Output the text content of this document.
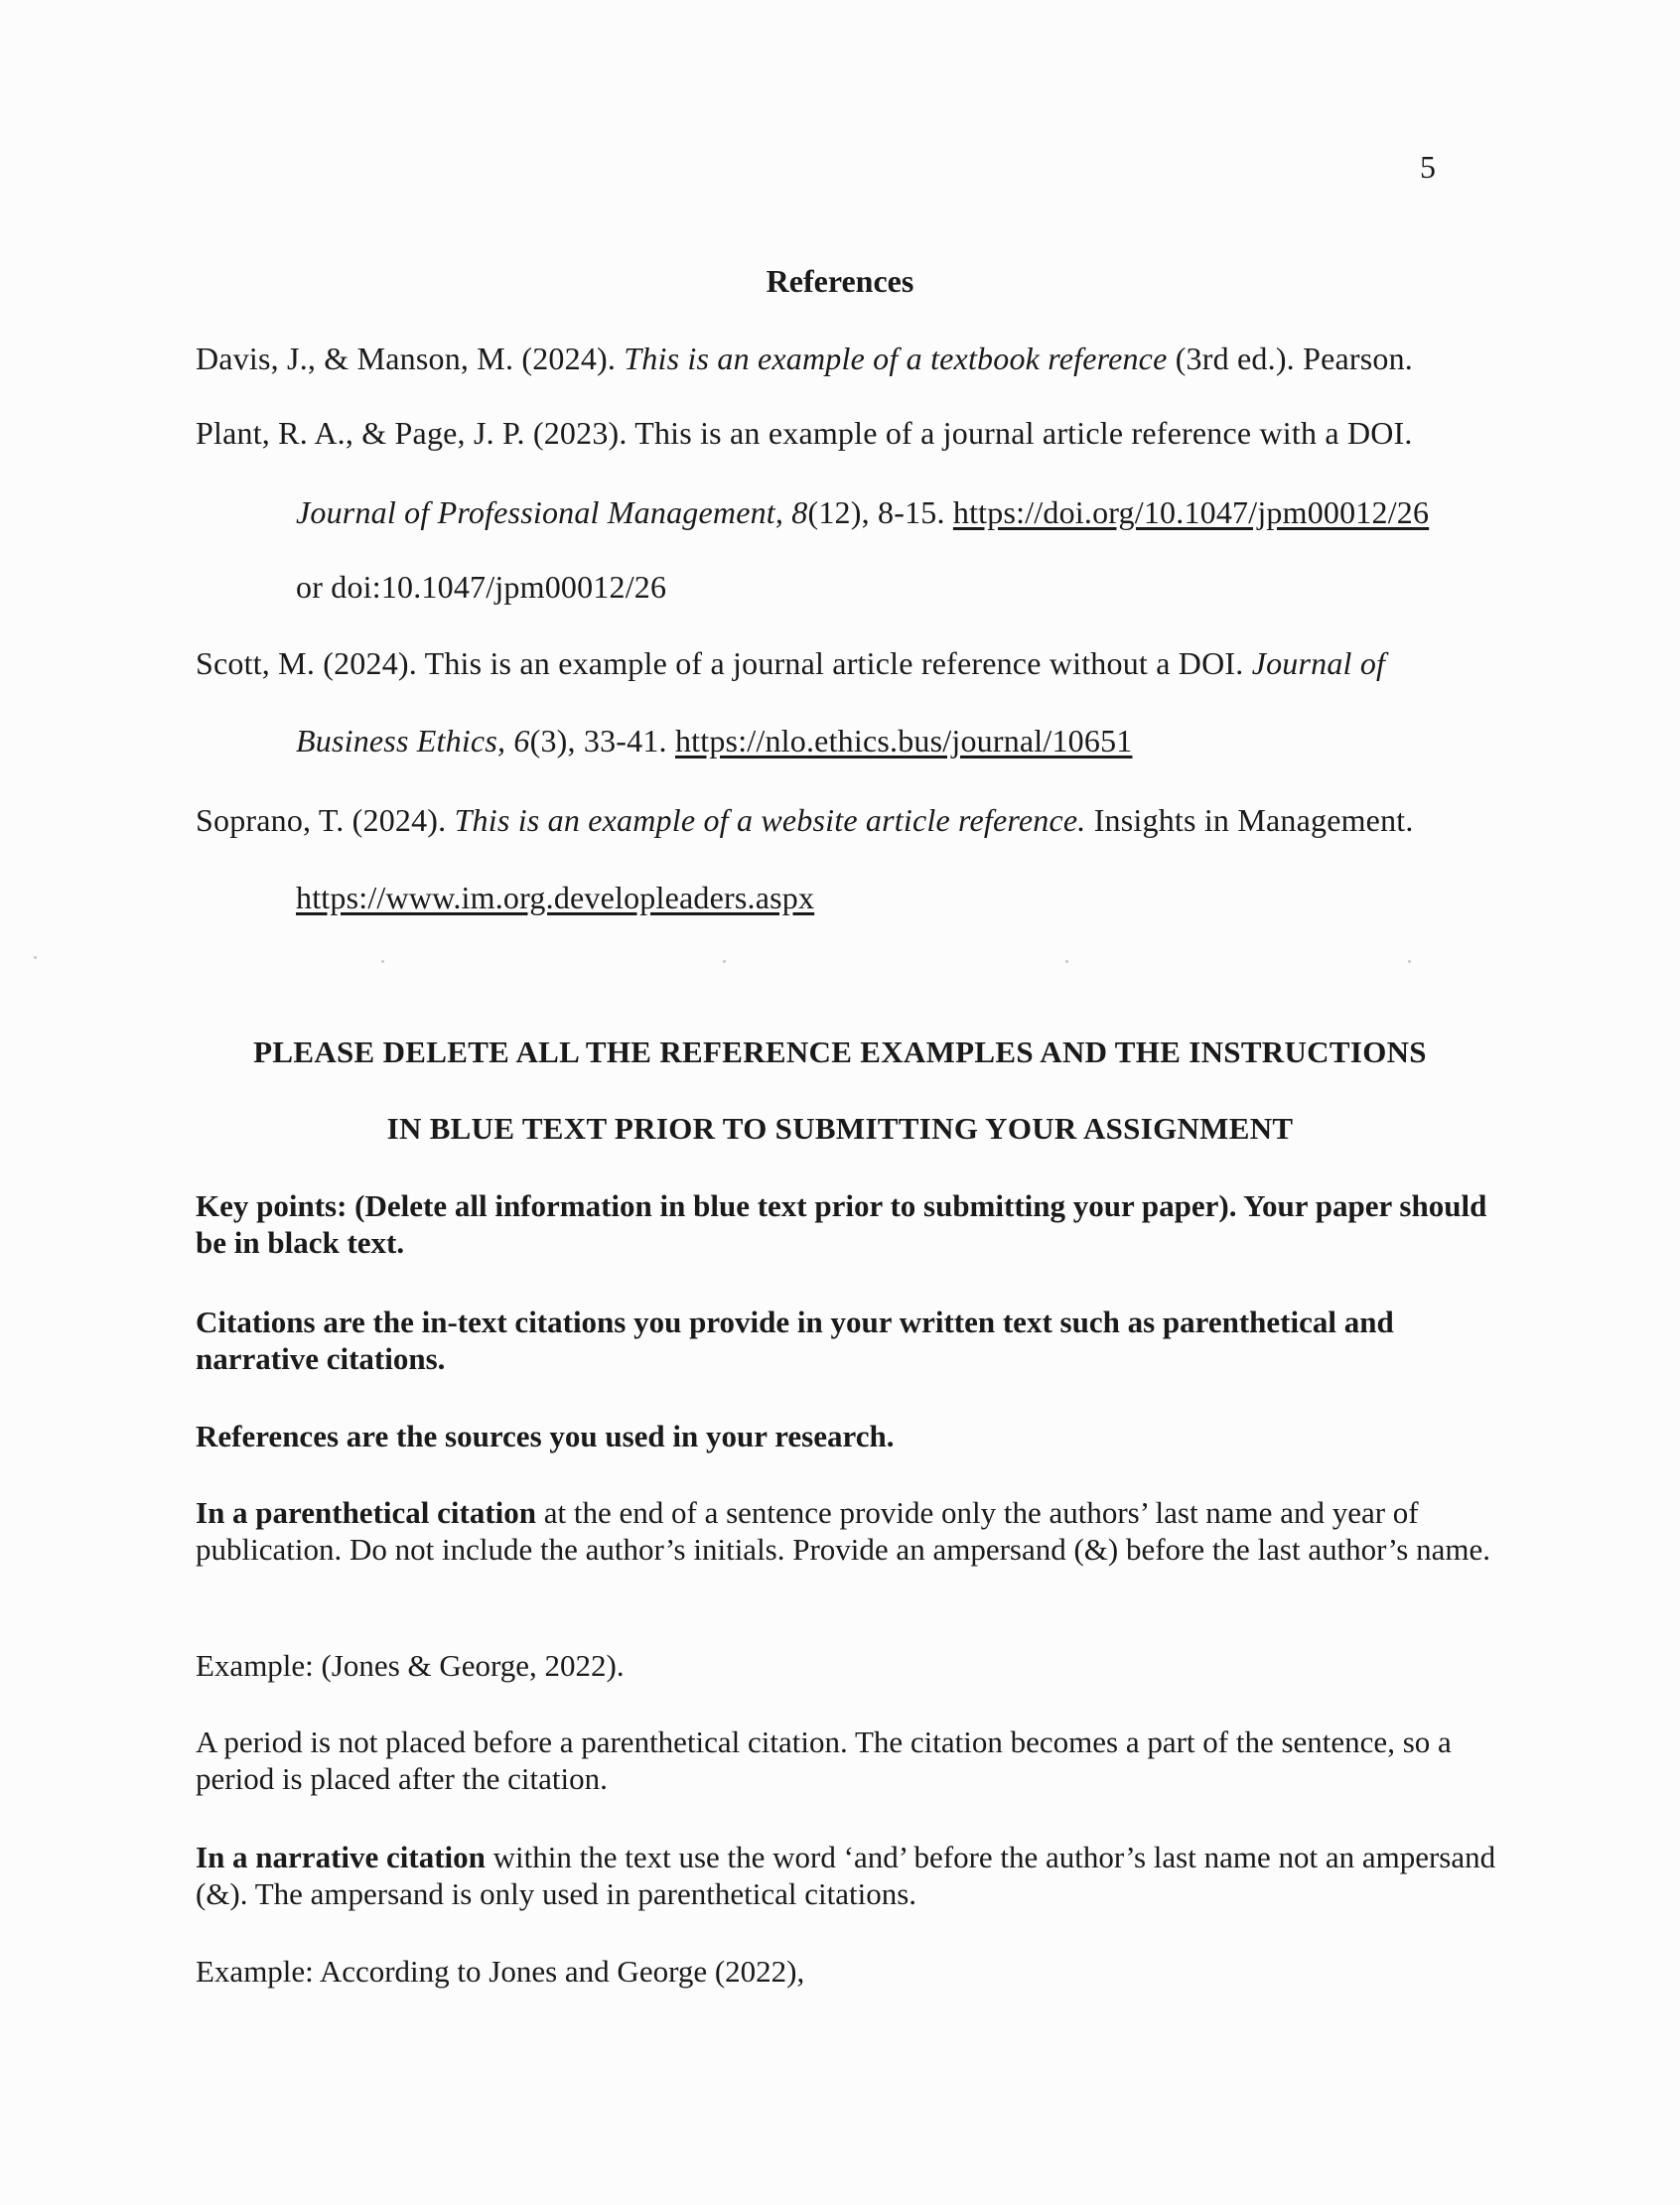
5
References
Davis, J., & Manson, M. (2024). This is an example of a textbook reference (3rd ed.). Pearson.
Plant, R. A., & Page, J. P. (2023). This is an example of a journal article reference with a DOI.
Journal of Professional Management, 8(12), 8-15. https://doi.org/10.1047/jpm00012/26
or doi:10.1047/jpm00012/26
Scott, M. (2024). This is an example of a journal article reference without a DOI. Journal of
Business Ethics, 6(3), 33-41. https://nlo.ethics.bus/journal/10651
Soprano, T. (2024). This is an example of a website article reference. Insights in Management.
https://www.im.org.developleaders.aspx
PLEASE DELETE ALL THE REFERENCE EXAMPLES AND THE INSTRUCTIONS
IN BLUE TEXT PRIOR TO SUBMITTING YOUR ASSIGNMENT
Key points: (Delete all information in blue text prior to submitting your paper). Your paper should be in black text.
Citations are the in-text citations you provide in your written text such as parenthetical and narrative citations.
References are the sources you used in your research.
In a parenthetical citation at the end of a sentence provide only the authors’ last name and year of publication. Do not include the author’s initials. Provide an ampersand (&) before the last author’s name.
Example: (Jones & George, 2022).
A period is not placed before a parenthetical citation. The citation becomes a part of the sentence, so a period is placed after the citation.
In a narrative citation within the text use the word ‘and’ before the author’s last name not an ampersand (&). The ampersand is only used in parenthetical citations.
Example: According to Jones and George (2022),
